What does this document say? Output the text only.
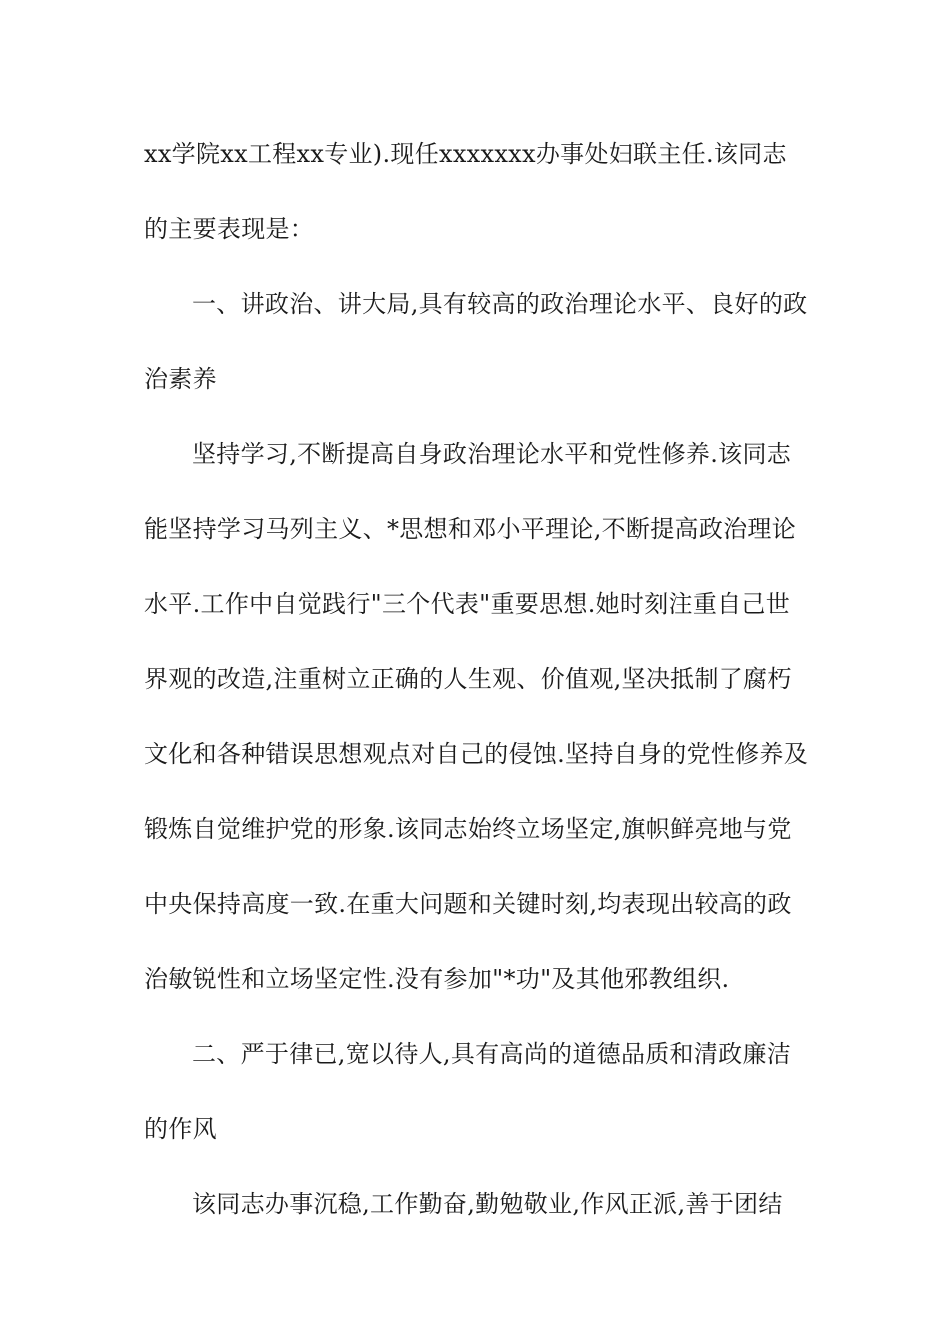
xx学院xx工程xx专业).现任xxxxxxx办事处妇联主任.该同志
的主要表现是：
一、讲政治、讲大局,具有较高的政治理论水平、良好的政
治素养
坚持学习,不断提高自身政治理论水平和党性修养.该同志
能坚持学习马列主义、*思想和邓小平理论,不断提高政治理论
水平.工作中自觉践行"三个代表"重要思想.她时刻注重自己世
界观的改造,注重树立正确的人生观、价值观,坚决抵制了腐朽
文化和各种错误思想观点对自己的侵蚀.坚持自身的党性修养及
锻炼自觉维护党的形象.该同志始终立场坚定,旗帜鲜亮地与党
中央保持高度一致.在重大问题和关键时刻,均表现出较高的政
治敏锐性和立场坚定性.没有参加"*功"及其他邪教组织.
二、严于律已,宽以待人,具有高尚的道德品质和清政廉洁
的作风
该同志办事沉稳,工作勤奋,勤勉敬业,作风正派,善于团结
